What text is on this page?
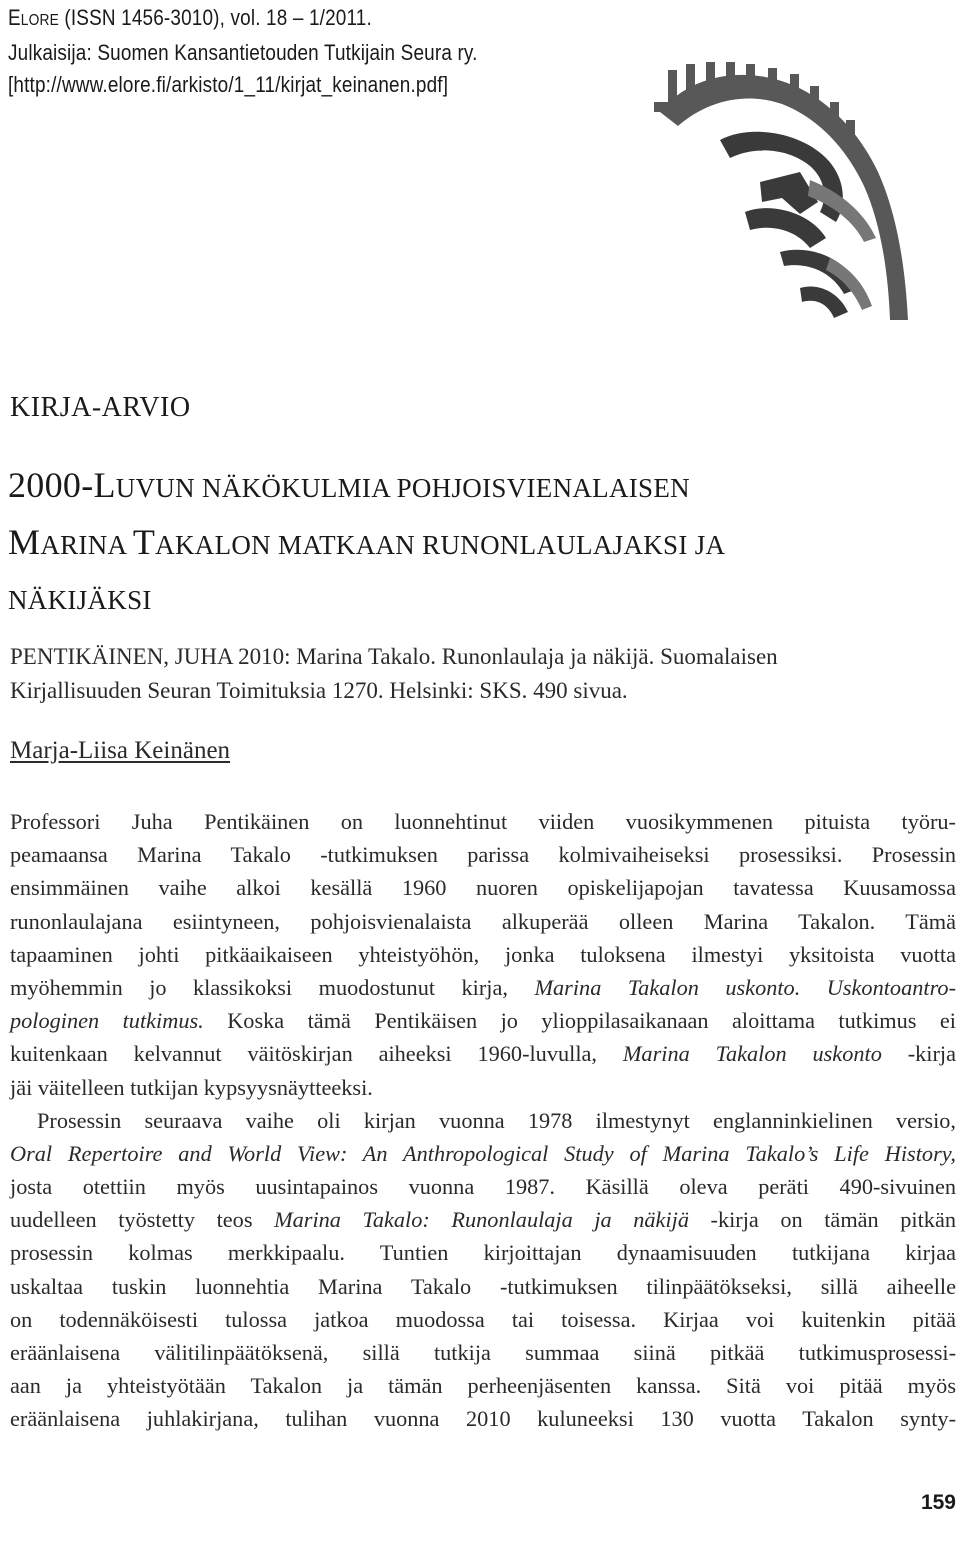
ELORE (ISSN 1456-3010), vol. 18 – 1/2011.
Julkaisija: Suomen Kansantietouden Tutkijain Seura ry.
[http://www.elore.fi/arkisto/1_11/kirjat_keinanen.pdf]
KIRJA-ARVIO
2000-LUVUN NÄKÖKULMIA POHJOISVIENALAISEN
MARINA TAKALON MATKAAN RUNONLAULAJAKSI JA
NÄKIJÄKSI
PENTIKÄINEN, JUHA 2010: Marina Takalo. Runonlaulaja ja näkijä. Suomalaisen
Kirjallisuuden Seuran Toimituksia 1270. Helsinki: SKS. 490 sivua.
Marja-Liisa Keinänen
Professori Juha Pentikäinen on luonnehtinut viiden vuosikymmenen pituista työru-
peamaansa Marina Takalo -tutkimuksen parissa kolmivaiheiseksi prosessiksi. Prosessin
ensimmäinen vaihe alkoi kesällä 1960 nuoren opiskelijapojan tavatessa Kuusamossa
runonlaulajana esiintyneen, pohjoisvienalaista alkuperää olleen Marina Takalon. Tämä
tapaaminen johti pitkäaikaiseen yhteistyöhön, jonka tuloksena ilmestyi yksitoista vuotta
myöhemmin jo klassikoksi muodostunut kirja, Marina Takalon uskonto. Uskontoantro-
pologinen tutkimus. Koska tämä Pentikäisen jo ylioppilasaikanaan aloittama tutkimus ei
kuitenkaan kelvannut väitöskirjan aiheeksi 1960-luvulla, Marina Takalon uskonto -kirja
jäi väitelleen tutkijan kypsyysnäytteeksi.
Prosessin seuraava vaihe oli kirjan vuonna 1978 ilmestynyt englanninkielinen versio,
Oral Repertoire and World View: An Anthropological Study of Marina Takalo’s Life History,
josta otettiin myös uusintapainos vuonna 1987. Käsillä oleva peräti 490-sivuinen
uudelleen työstetty teos Marina Takalo: Runonlaulaja ja näkijä -kirja on tämän pitkän
prosessin kolmas merkkipaalu. Tuntien kirjoittajan dynaamisuuden tutkijana kirjaa
uskaltaa tuskin luonnehtia Marina Takalo -tutkimuksen tilinpäätökseksi, sillä aiheelle
on todennäköisesti tulossa jatkoa muodossa tai toisessa. Kirjaa voi kuitenkin pitää
eräänlaisena välitilinpäätöksenä, sillä tutkija summaa siinä pitkää tutkimusprosessi-
aan ja yhteistyötään Takalon ja tämän perheenjäsenten kanssa. Sitä voi pitää myös
eräänlaisena juhlakirjana, tulihan vuonna 2010 kuluneeksi 130 vuotta Takalon synty-
159
